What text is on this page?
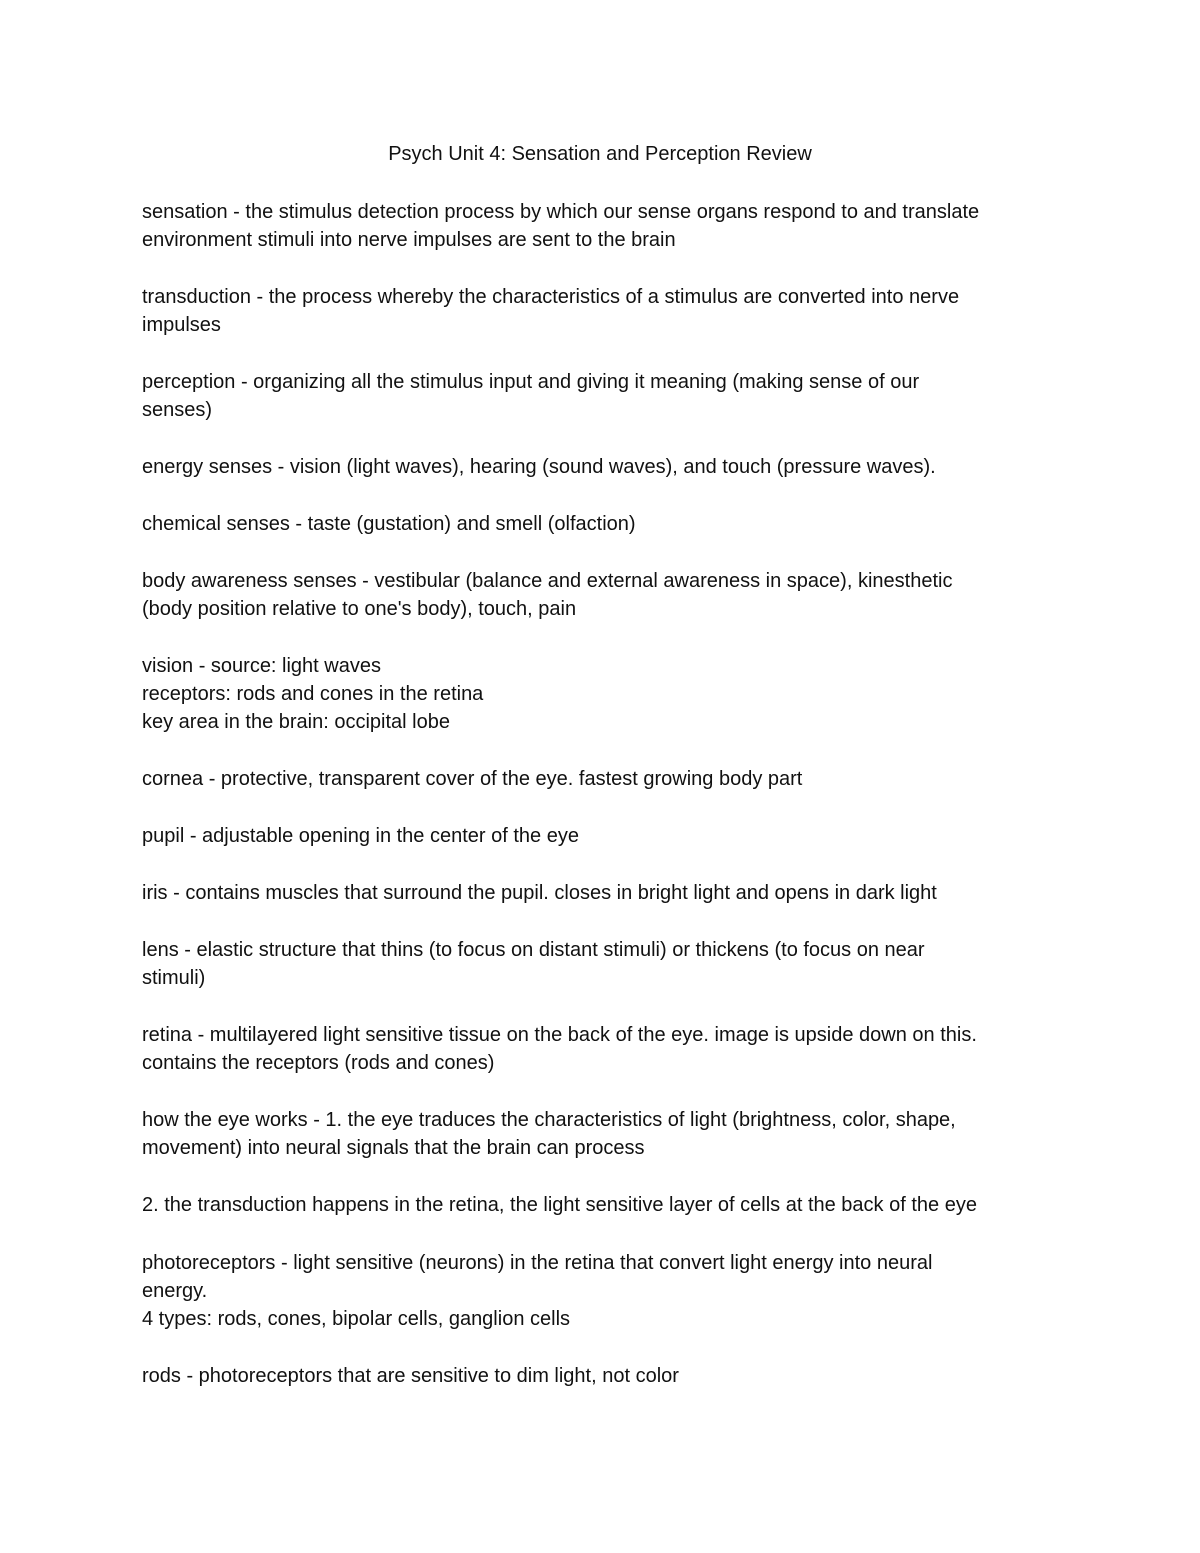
Psych Unit 4: Sensation and Perception Review

sensation - the stimulus detection process by which our sense organs respond to and translate

environment stimuli into nerve impulses are sent to the brain

transduction - the process whereby the characteristics of a stimulus are converted into nerve

impulses

perception - organizing all the stimulus input and giving it meaning (making sense of our

senses)

energy senses - vision (light waves), hearing (sound waves), and touch (pressure waves).

chemical senses - taste (gustation) and smell (olfaction)

body awareness senses - vestibular (balance and external awareness in space), kinesthetic

(body position relative to one's body), touch, pain

vision - source: light waves

receptors: rods and cones in the retina

key area in the brain: occipital lobe

cornea - protective, transparent cover of the eye. fastest growing body part

pupil - adjustable opening in the center of the eye

iris - contains muscles that surround the pupil. closes in bright light and opens in dark light

lens - elastic structure that thins (to focus on distant stimuli) or thickens (to focus on near

stimuli)

retina - multilayered light sensitive tissue on the back of the eye. image is upside down on this.

contains the receptors (rods and cones)

how the eye works - 1. the eye traduces the characteristics of light (brightness, color, shape,

movement) into neural signals that the brain can process

2. the transduction happens in the retina, the light sensitive layer of cells at the back of the eye

photoreceptors - light sensitive (neurons) in the retina that convert light energy into neural

energy.

4 types: rods, cones, bipolar cells, ganglion cells

rods - photoreceptors that are sensitive to dim light, not color
